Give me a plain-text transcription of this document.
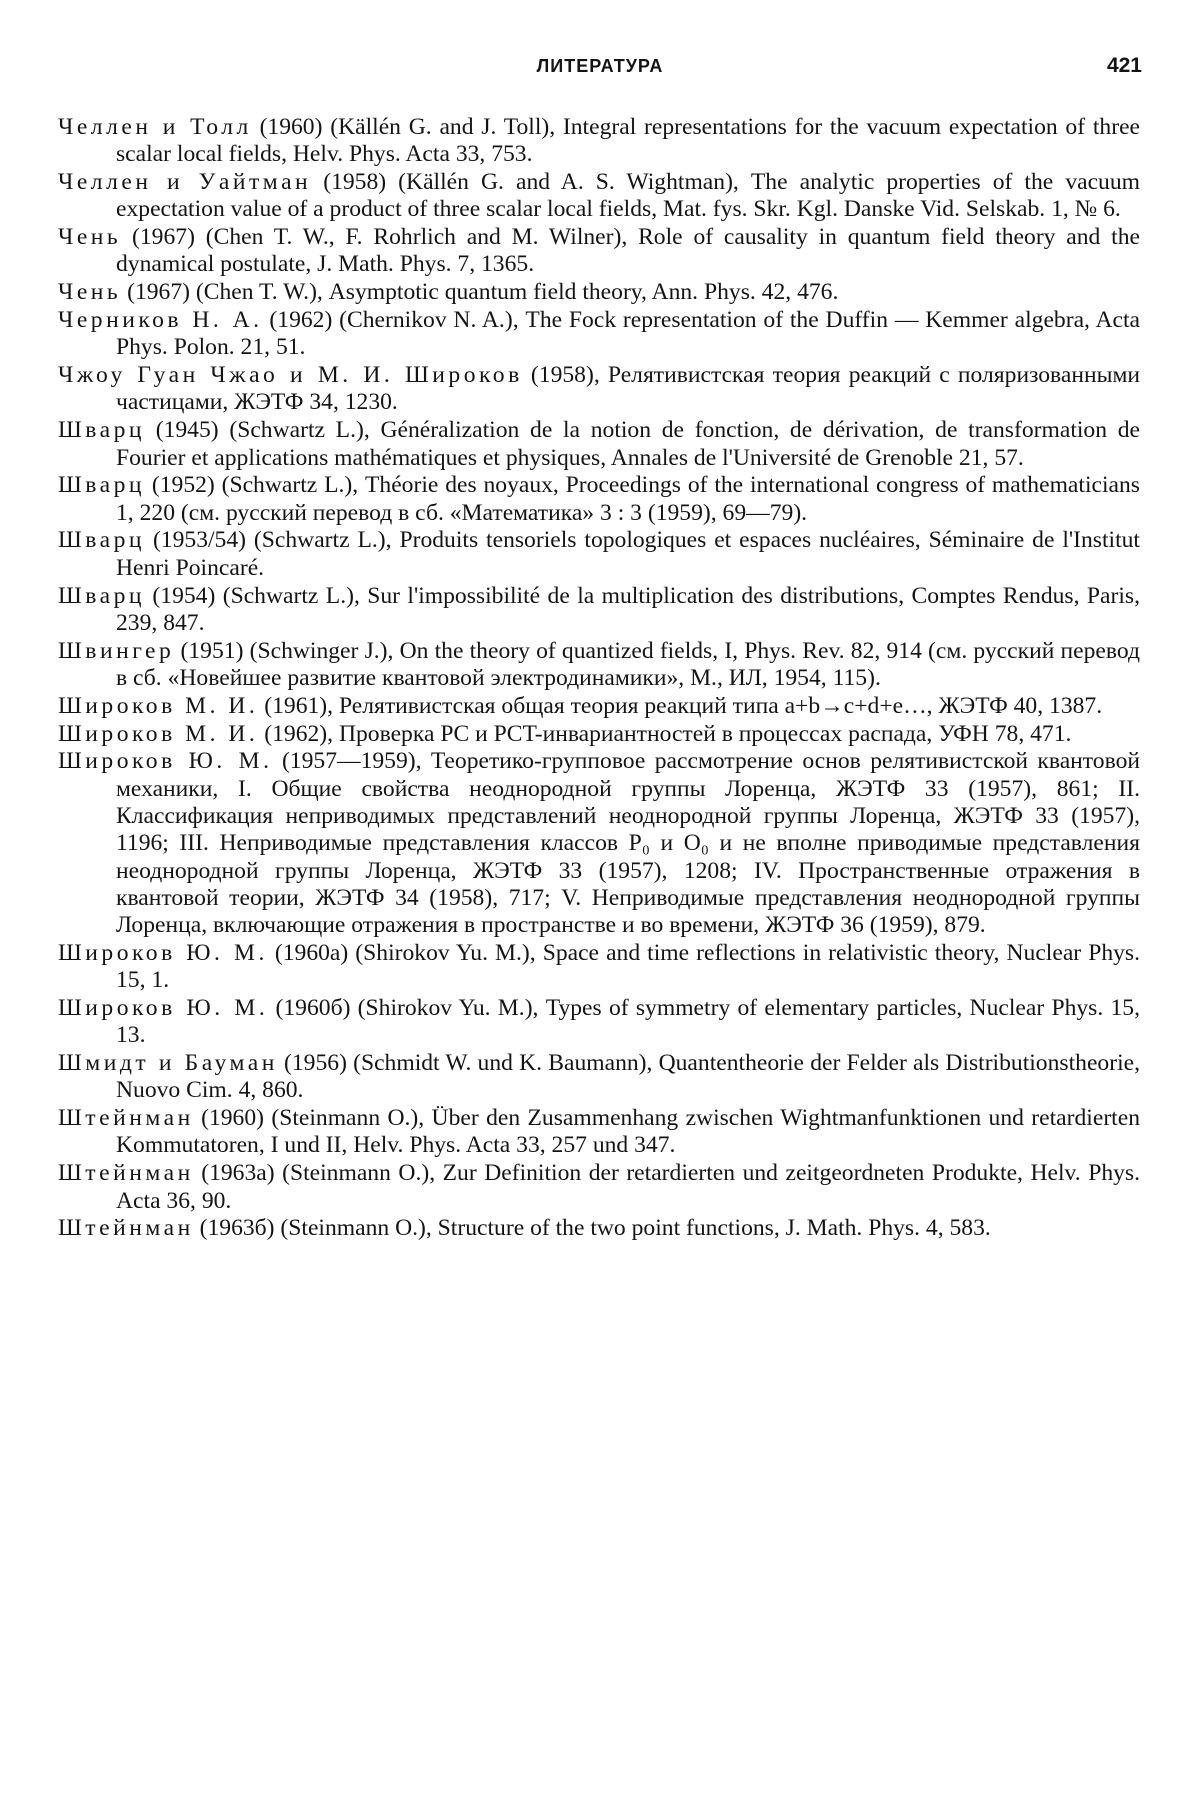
ЛИТЕРАТУРА	421
Челлен и Толл (1960) (Källén G. and J. Toll), Integral representations for the vacuum expectation of three scalar local fields, Helv. Phys. Acta 33, 753.
Челлен и Уайтман (1958) (Källén G. and A. S. Wightman), The analytic properties of the vacuum expectation value of a product of three scalar local fields, Mat. fys. Skr. Kgl. Danske Vid. Selskab. 1, № 6.
Чень (1967) (Chen T. W., F. Rohrlich and M. Wilner), Role of causality in quantum field theory and the dynamical postulate, J. Math. Phys. 7, 1365.
Чень (1967) (Chen T. W.), Asymptotic quantum field theory, Ann. Phys. 42, 476.
Черников Н. А. (1962) (Chernikov N. A.), The Fock representation of the Duffin — Kemmer algebra, Acta Phys. Polon. 21, 51.
Чжоу Гуан Чжао и М. И. Широков (1958), Релятивистская теория реакций с поляризованными частицами, ЖЭТФ 34, 1230.
Шварц (1945) (Schwartz L.), Généralization de la notion de fonction, de dérivation, de transformation de Fourier et applications mathématiques et physiques, Annales de l'Université de Grenoble 21, 57.
Шварц (1952) (Schwartz L.), Théorie des noyaux, Proceedings of the international congress of mathematicians 1, 220 (см. русский перевод в сб. «Математика» 3 : 3 (1959), 69—79).
Шварц (1953/54) (Schwartz L.), Produits tensoriels topologiques et espaces nucléaires, Séminaire de l'Institut Henri Poincaré.
Шварц (1954) (Schwartz L.), Sur l'impossibilité de la multiplication des distributions, Comptes Rendus, Paris, 239, 847.
Швингер (1951) (Schwinger J.), On the theory of quantized fields, I, Phys. Rev. 82, 914 (см. русский перевод в сб. «Новейшее развитие квантовой электродинамики», М., ИЛ, 1954, 115).
Широков М. И. (1961), Релятивистская общая теория реакций типа a+b→c+d+e…, ЖЭТФ 40, 1387.
Широков М. И. (1962), Проверка PC и PCT-инвариантностей в процессах распада, УФН 78, 471.
Широков Ю. М. (1957—1959), Теоретико-групповое рассмотрение основ релятивистской квантовой механики, I. Общие свойства неоднородной группы Лоренца, ЖЭТФ 33 (1957), 861; II. Классификация неприводимых представлений неоднородной группы Лоренца, ЖЭТФ 33 (1957), 1196; III. Неприводимые представления классов P₀ и O₀ и не вполне приводимые представления неоднородной группы Лоренца, ЖЭТФ 33 (1957), 1208; IV. Пространственные отражения в квантовой теории, ЖЭТФ 34 (1958), 717; V. Неприводимые представления неоднородной группы Лоренца, включающие отражения в пространстве и во времени, ЖЭТФ 36 (1959), 879.
Широков Ю. М. (1960а) (Shirokov Yu. M.), Space and time reflections in relativistic theory, Nuclear Phys. 15, 1.
Широков Ю. М. (1960б) (Shirokov Yu. M.), Types of symmetry of elementary particles, Nuclear Phys. 15, 13.
Шмидт и Бауман (1956) (Schmidt W. und K. Baumann), Quantentheorie der Felder als Distributionstheorie, Nuovo Cim. 4, 860.
Штейнман (1960) (Steinmann O.), Über den Zusammenhang zwischen Wightmanfunktionen und retardierten Kommutatoren, I und II, Helv. Phys. Acta 33, 257 und 347.
Штейнман (1963а) (Steinmann O.), Zur Definition der retardierten und zeitgeordneten Produkte, Helv. Phys. Acta 36, 90.
Штейнман (1963б) (Steinmann O.), Structure of the two point functions, J. Math. Phys. 4, 583.
